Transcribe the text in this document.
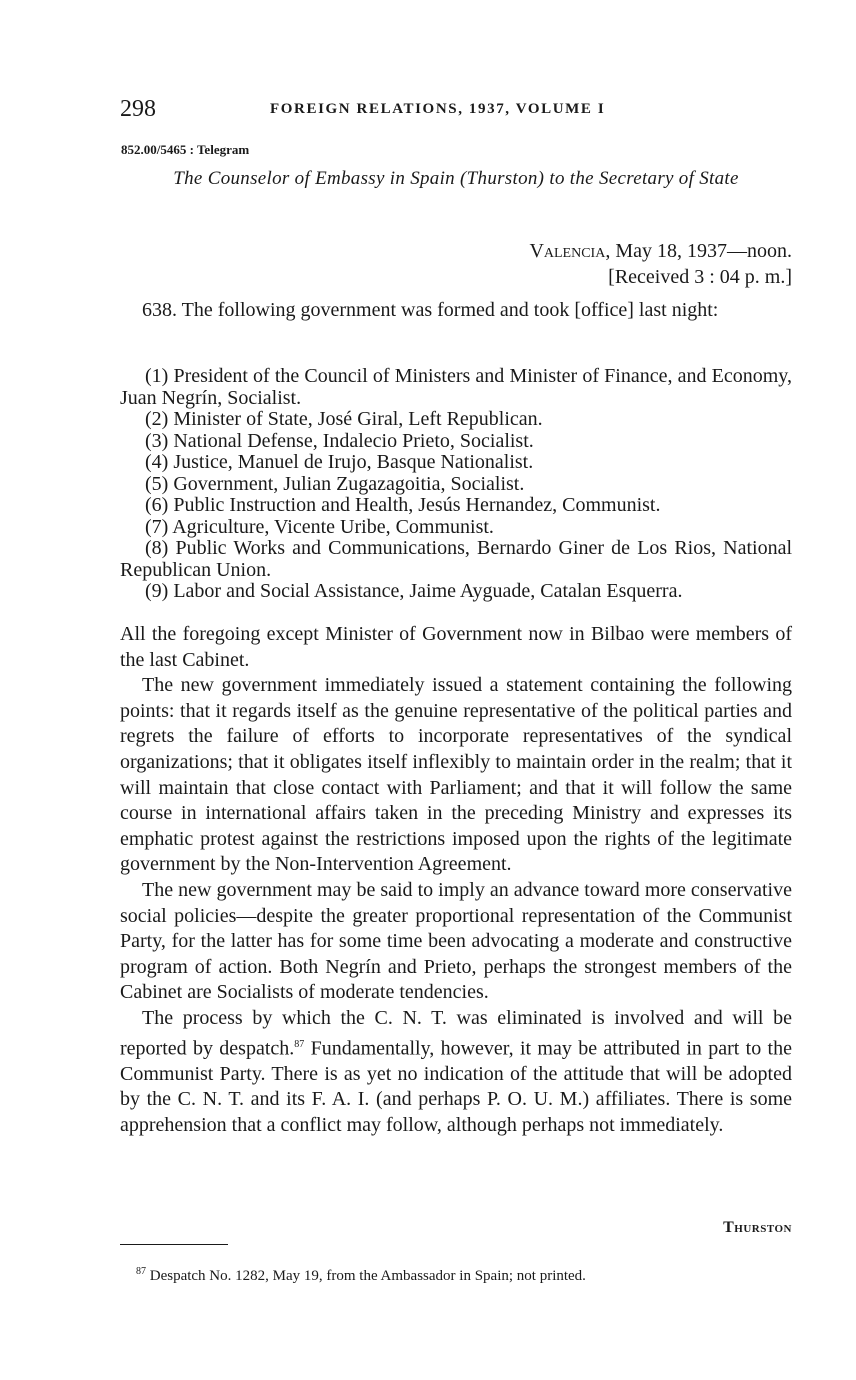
298	FOREIGN RELATIONS, 1937, VOLUME I
852.00/5465 : Telegram
The Counselor of Embassy in Spain (Thurston) to the Secretary of State
Valencia, May 18, 1937—noon.
[Received 3 : 04 p. m.]

638. The following government was formed and took [office] last night:

(1) President of the Council of Ministers and Minister of Finance, and Economy, Juan Negrín, Socialist.
(2) Minister of State, José Giral, Left Republican.
(3) National Defense, Indalecio Prieto, Socialist.
(4) Justice, Manuel de Irujo, Basque Nationalist.
(5) Government, Julian Zugazagoitia, Socialist.
(6) Public Instruction and Health, Jesús Hernandez, Communist.
(7) Agriculture, Vicente Uribe, Communist.
(8) Public Works and Communications, Bernardo Giner de Los Rios, National Republican Union.
(9) Labor and Social Assistance, Jaime Ayguade, Catalan Esquerra.

All the foregoing except Minister of Government now in Bilbao were members of the last Cabinet.

The new government immediately issued a statement containing the following points: that it regards itself as the genuine representative of the political parties and regrets the failure of efforts to incorporate representatives of the syndical organizations; that it obligates itself inflexibly to maintain order in the realm; that it will maintain that close contact with Parliament; and that it will follow the same course in international affairs taken in the preceding Ministry and expresses its emphatic protest against the restrictions imposed upon the rights of the legitimate government by the Non-Intervention Agreement.

The new government may be said to imply an advance toward more conservative social policies—despite the greater proportional representation of the Communist Party, for the latter has for some time been advocating a moderate and constructive program of action. Both Negrín and Prieto, perhaps the strongest members of the Cabinet are Socialists of moderate tendencies.

The process by which the C. N. T. was eliminated is involved and will be reported by despatch.$^{87}$ Fundamentally, however, it may be attributed in part to the Communist Party. There is as yet no indication of the attitude that will be adopted by the C. N. T. and its F. A. I. (and perhaps P. O. U. M.) affiliates. There is some apprehension that a conflict may follow, although perhaps not immediately.

Thurston
$^{87}$ Despatch No. 1282, May 19, from the Ambassador in Spain; not printed.
